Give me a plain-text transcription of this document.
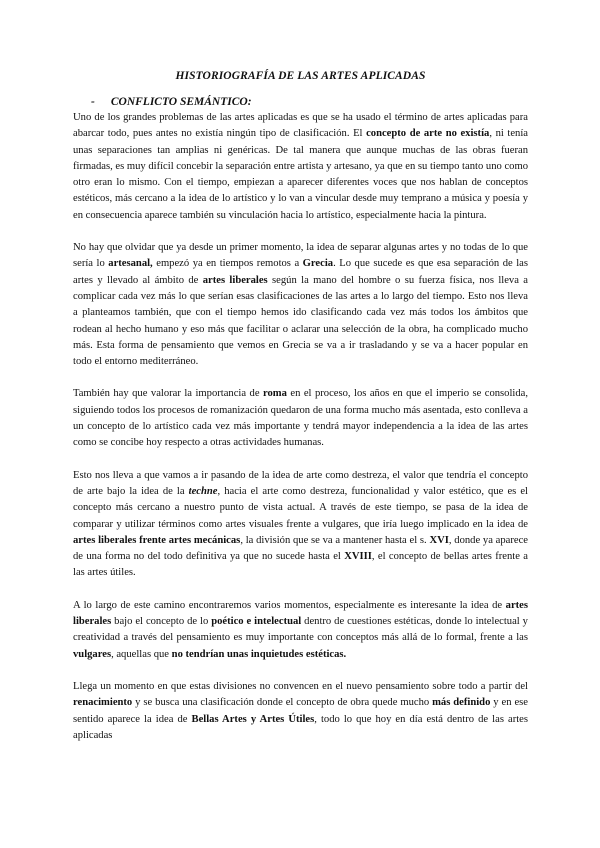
HISTORIOGRAFÍA DE LAS ARTES APLICADAS
- CONFLICTO SEMÁNTICO:

Uno de los grandes problemas de las artes aplicadas es que se ha usado el término de artes aplicadas para abarcar todo, pues antes no existía ningún tipo de clasificación. El concepto de arte no existía, ni tenía unas separaciones tan amplias ni genéricas. De tal manera que aunque muchas de las obras fueran firmadas, es muy difícil concebir la separación entre artista y artesano, ya que en su tiempo tanto uno como otro eran lo mismo. Con el tiempo, empiezan a aparecer diferentes voces que nos hablan de conceptos estéticos, más cercano a la idea de lo artístico y lo van a vincular desde muy temprano a música y poesía y en consecuencia aparece también su vinculación hacia lo artístico, especialmente hacia la pintura.

No hay que olvidar que ya desde un primer momento, la idea de separar algunas artes y no todas de lo que sería lo artesanal, empezó ya en tiempos remotos a Grecia. Lo que sucede es que esa separación de las artes y llevado al ámbito de artes liberales según la mano del hombre o su fuerza física, nos lleva a complicar cada vez más lo que serían esas clasificaciones de las artes a lo largo del tiempo. Esto nos lleva a planteamos también, que con el tiempo hemos ido clasificando cada vez más todos los ámbitos que rodean al hecho humano y eso más que facilitar o aclarar una selección de la obra, ha complicado mucho más. Esta forma de pensamiento que vemos en Grecia se va a ir trasladando y se va a hacer popular en todo el entorno mediterráneo.

También hay que valorar la importancia de roma en el proceso, los años en que el imperio se consolida, siguiendo todos los procesos de romanización quedaron de una forma mucho más asentada, esto conlleva a un concepto de lo artístico cada vez más importante y tendrá mayor independencia a la idea de las artes como se concibe hoy respecto a otras actividades humanas.

Esto nos lleva a que vamos a ir pasando de la idea de arte como destreza, el valor que tendría el concepto de arte bajo la idea de la techne, hacia el arte como destreza, funcionalidad y valor estético, que es el concepto más cercano a nuestro punto de vista actual. A través de este tiempo, se pasa de la idea de comparar y utilizar términos como artes visuales frente a vulgares, que iría luego implicado en la idea de artes liberales frente artes mecánicas, la división que se va a mantener hasta el s. XVI, donde ya aparece de una forma no del todo definitiva ya que no sucede hasta el XVIII, el concepto de bellas artes frente a las artes útiles.

A lo largo de este camino encontraremos varios momentos, especialmente es interesante la idea de artes liberales bajo el concepto de lo poético e intelectual dentro de cuestiones estéticas, donde lo intelectual y creatividad a través del pensamiento es muy importante con conceptos más allá de lo formal, frente a las vulgares, aquellas que no tendrían unas inquietudes estéticas.

Llega un momento en que estas divisiones no convencen en el nuevo pensamiento sobre todo a partir del renacimiento y se busca una clasificación donde el concepto de obra quede mucho más definido y en ese sentido aparece la idea de Bellas Artes y Artes Útiles, todo lo que hoy en día está dentro de las artes aplicadas
